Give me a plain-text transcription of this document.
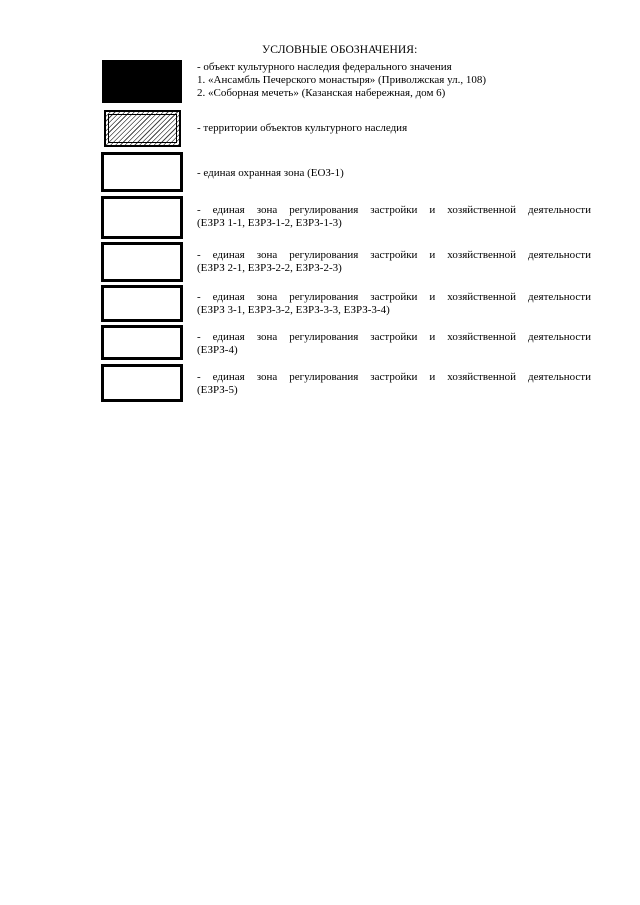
УСЛОВНЫЕ ОБОЗНАЧЕНИЯ:
- объект культурного наследия федерального значения
1. «Ансамбль Печерского монастыря» (Приволжская ул., 108)
2. «Соборная мечеть» (Казанская набережная, дом 6)
- территории объектов культурного наследия
- единая охранная зона (ЕОЗ-1)
- единая зона регулирования застройки и хозяйственной деятельности
(ЕЗРЗ 1-1, ЕЗРЗ-1-2, ЕЗРЗ-1-3)
- единая зона регулирования застройки и хозяйственной деятельности
(ЕЗРЗ 2-1, ЕЗРЗ-2-2, ЕЗРЗ-2-3)
- единая зона регулирования застройки и хозяйственной деятельности
(ЕЗРЗ 3-1, ЕЗРЗ-3-2, ЕЗРЗ-3-3, ЕЗРЗ-3-4)
- единая зона регулирования застройки и хозяйственной деятельности
(ЕЗРЗ-4)
- единая зона регулирования застройки и хозяйственной деятельности
(ЕЗРЗ-5)
